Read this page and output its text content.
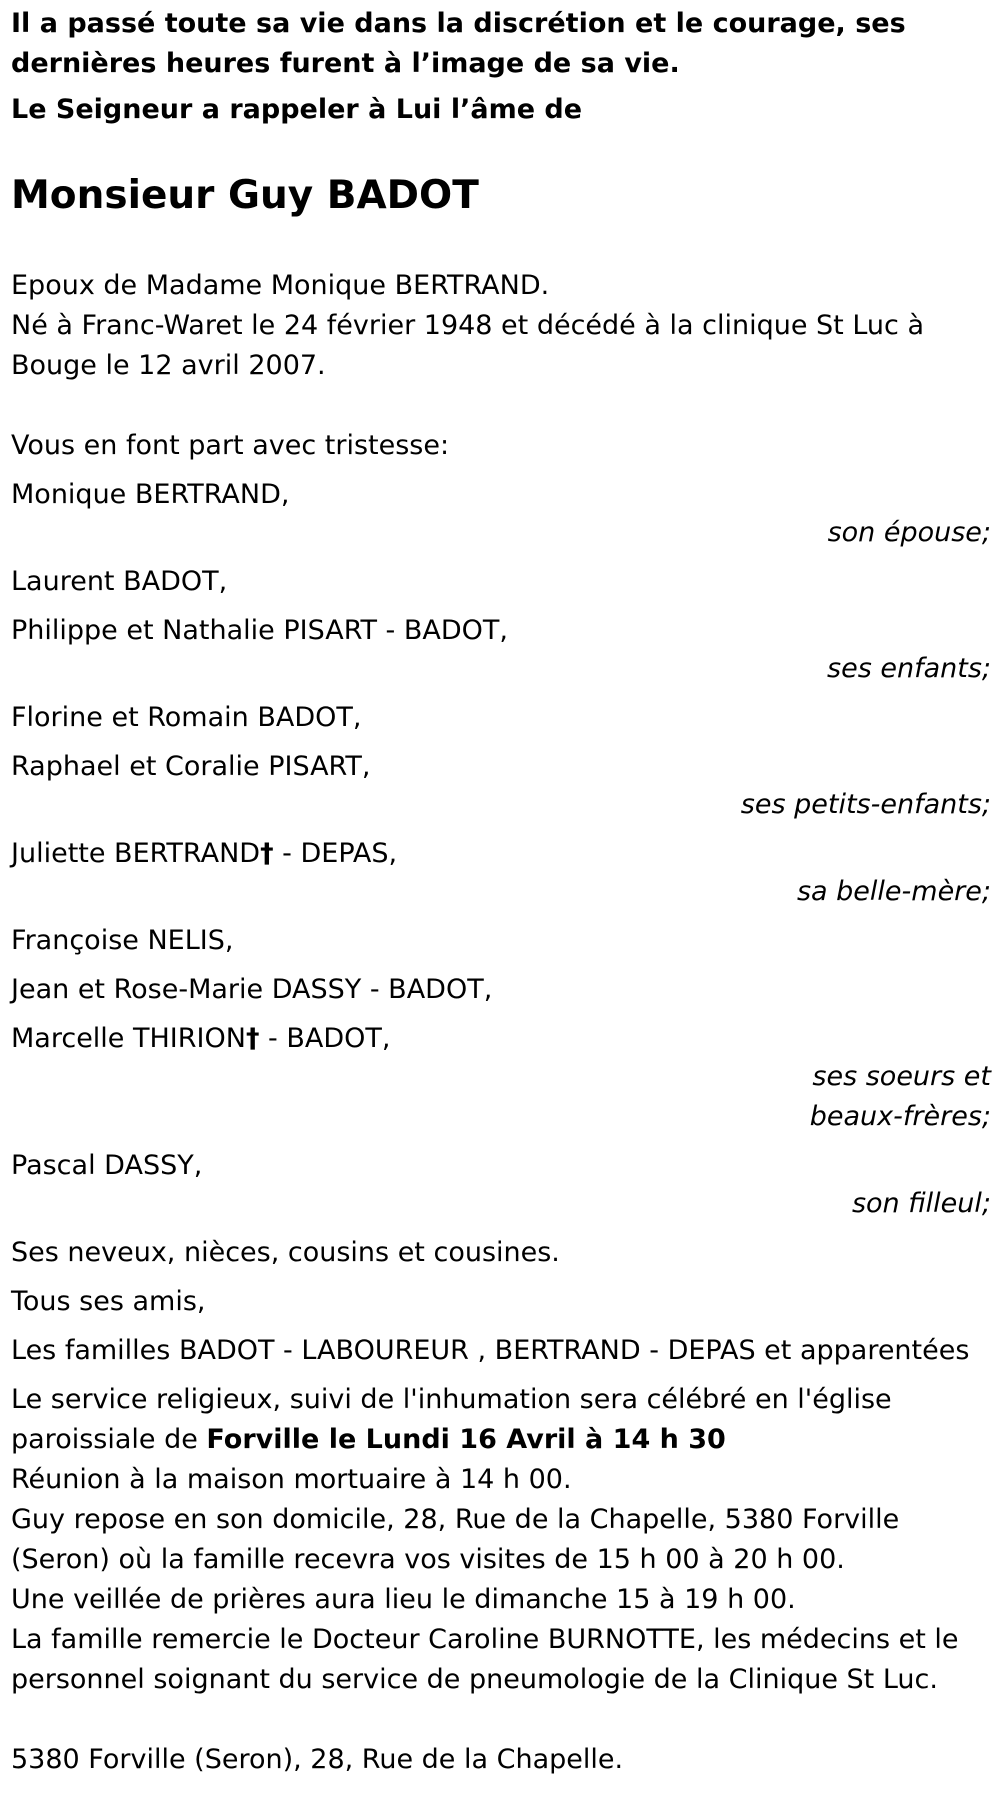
Il a passé toute sa vie dans la discrétion et le courage, ses dernières heures furent à l’image de sa vie.

Le Seigneur a rappeler à Lui l’âme de

Monsieur Guy BADOT
Epoux de Madame Monique BERTRAND.
Né à Franc-Waret le 24 février 1948 et décédé à la clinique St Luc à Bouge le 12 avril 2007.
Vous en font part avec tristesse:
Monique BERTRAND,
son épouse;
Laurent BADOT,
Philippe et Nathalie PISART - BADOT,
ses enfants;
Florine et Romain BADOT,
Raphael et Coralie PISART,
ses petits-enfants;
Juliette BERTRAND† - DEPAS,
sa belle-mère;
Françoise NELIS,
Jean et Rose-Marie DASSY - BADOT,
Marcelle THIRION† - BADOT,
ses soeurs et
beaux-frères;
Pascal DASSY,
son filleul;
Ses neveux, nièces, cousins et cousines.
Tous ses amis,
Les familles BADOT - LABOUREUR , BERTRAND - DEPAS et apparentées
Le service religieux, suivi de l'inhumation sera célébré en l'église paroissiale de Forville le Lundi 16 Avril à 14 h 30
Réunion à la maison mortuaire à 14 h 00.
Guy repose en son domicile, 28, Rue de la Chapelle, 5380 Forville (Seron) où la famille recevra vos visites de 15 h 00 à 20 h 00.
Une veillée de prières aura lieu le dimanche 15 à 19 h 00.
La famille remercie le Docteur Caroline BURNOTTE, les médecins et le personnel soignant du service de pneumologie de la Clinique St Luc.
5380 Forville (Seron), 28, Rue de la Chapelle.
